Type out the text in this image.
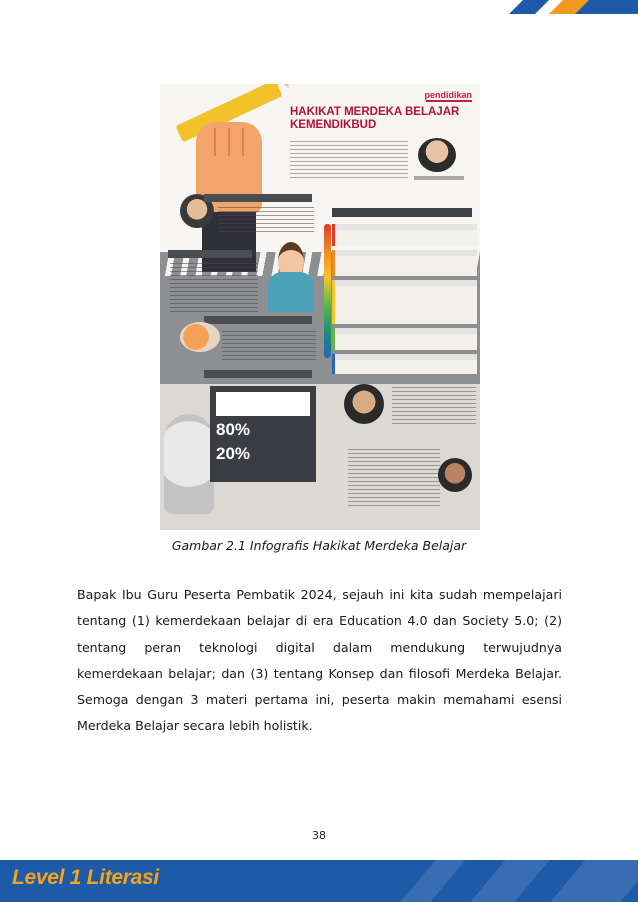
pendidikan
HAKIKAT MERDEKA BELAJAR KEMENDIKBUD
80%
20%
Gambar 2.1 Infografis Hakikat Merdeka Belajar

Bapak Ibu Guru Peserta Pembatik 2024, sejauh ini kita sudah mempelajari tentang (1) kemerdekaan belajar di era Education 4.0 dan Society 5.0; (2) tentang peran teknologi digital dalam mendukung terwujudnya kemerdekaan belajar; dan (3) tentang Konsep dan filosofi Merdeka Belajar. Semoga dengan 3 materi pertama ini, peserta makin memahami esensi Merdeka Belajar secara lebih holistik.

38
Level 1 Literasi
